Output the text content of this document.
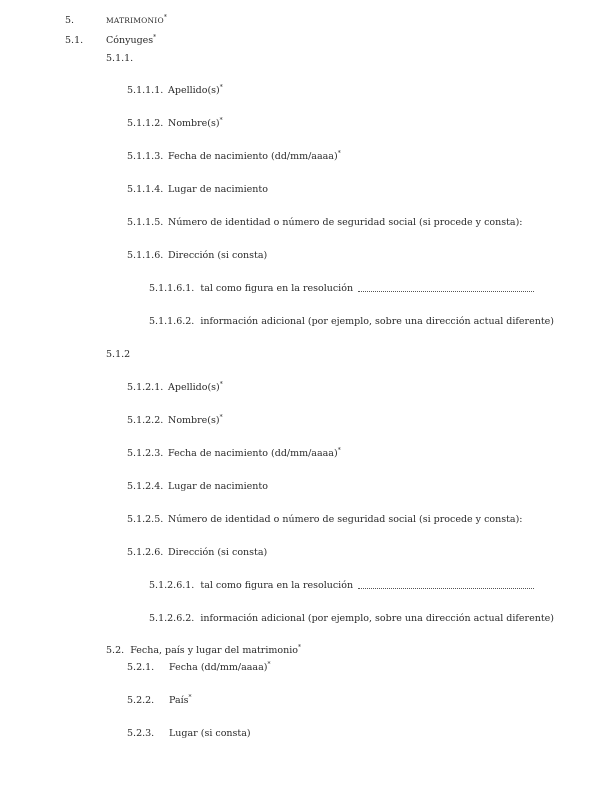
5.	MATRIMONIO*
5.1. Cónyuges*
5.1.1.
5.1.1.1. Apellido(s)*
5.1.1.2. Nombre(s)*
5.1.1.3. Fecha de nacimiento (dd/mm/aaaa)*
5.1.1.4. Lugar de nacimiento
5.1.1.5. Número de identidad o número de seguridad social (si procede y consta):
5.1.1.6. Dirección (si consta)
5.1.1.6.1. tal como figura en la resolución
5.1.1.6.2. información adicional (por ejemplo, sobre una dirección actual diferente)
5.1.2
5.1.2.1. Apellido(s)*
5.1.2.2. Nombre(s)*
5.1.2.3. Fecha de nacimiento (dd/mm/aaaa)*
5.1.2.4. Lugar de nacimiento
5.1.2.5. Número de identidad o número de seguridad social (si procede y consta):
5.1.2.6. Dirección (si consta)
5.1.2.6.1. tal como figura en la resolución
5.1.2.6.2. información adicional (por ejemplo, sobre una dirección actual diferente)
5.2. Fecha, país y lugar del matrimonio*
5.2.1. Fecha (dd/mm/aaaa)*
5.2.2. País*
5.2.3. Lugar (si consta)
